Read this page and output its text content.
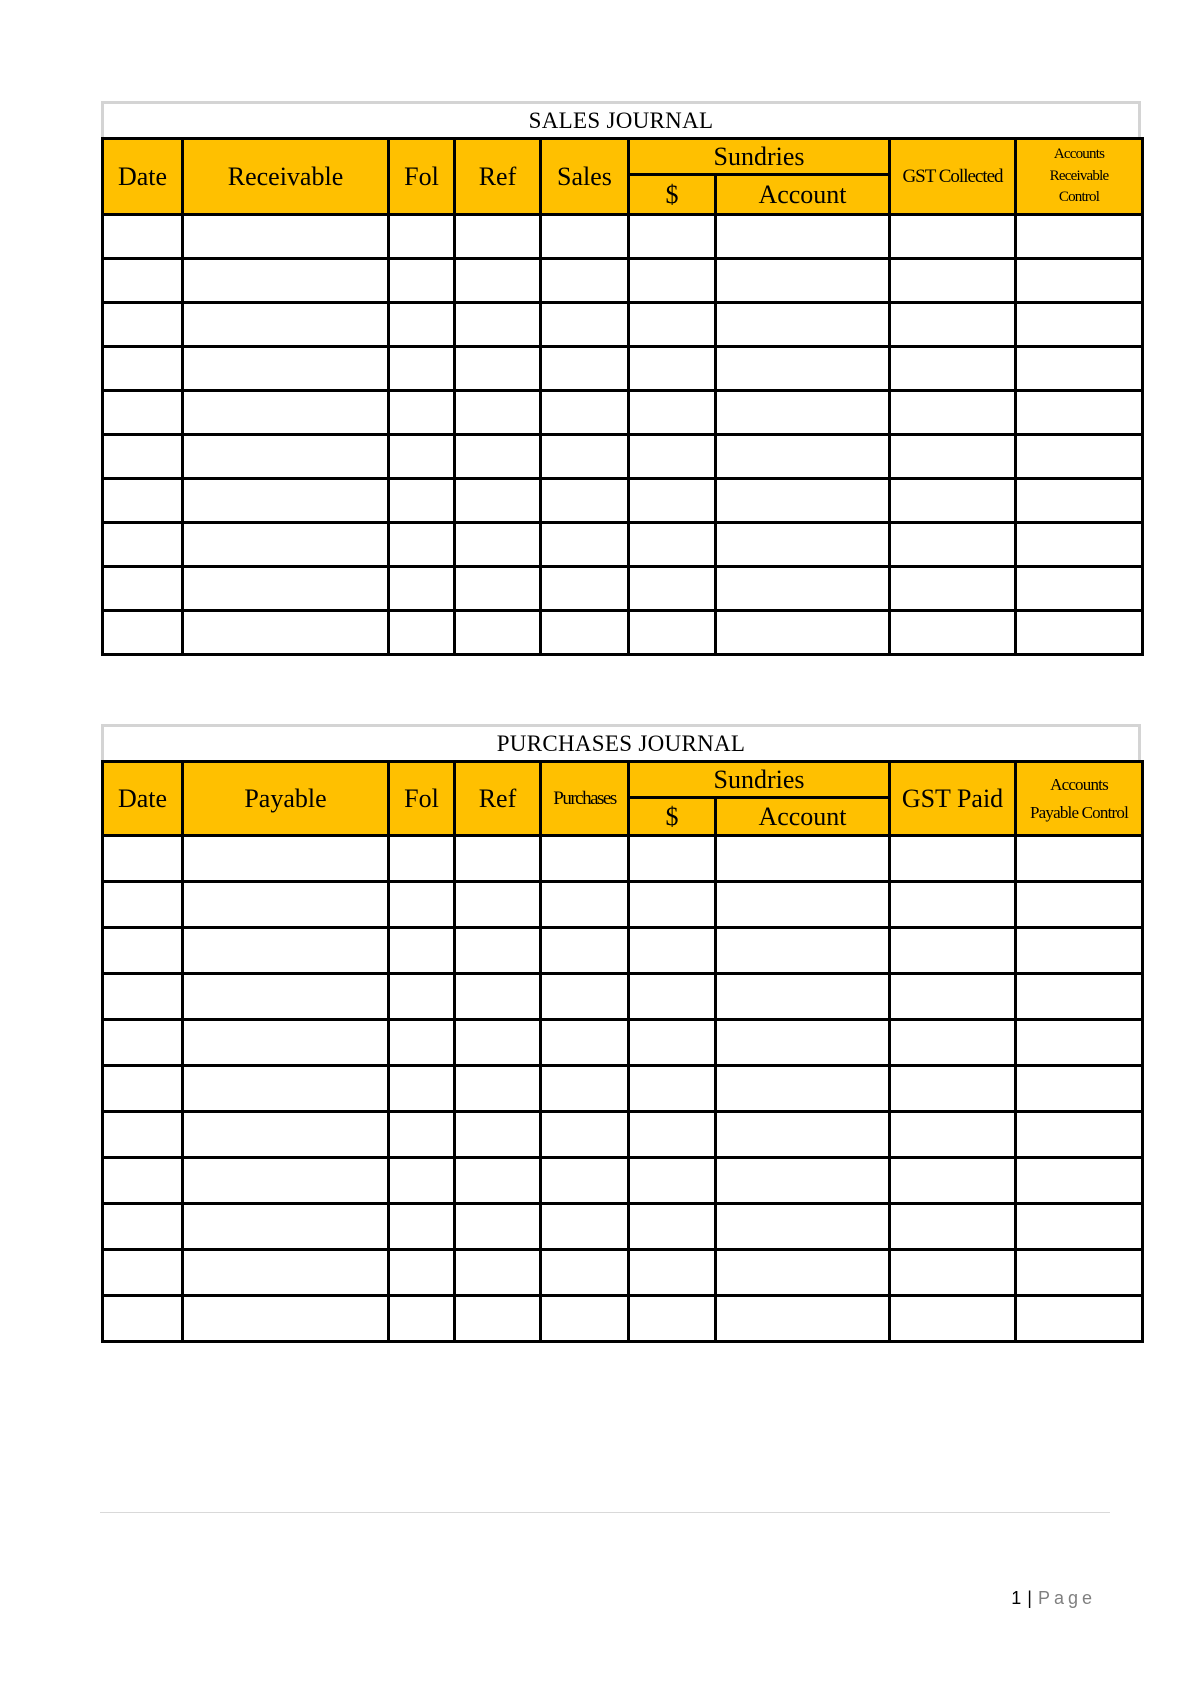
SALES JOURNAL
Date	Receivable	Fol	Ref	Sales	Sundries		GST Collected	Accounts
Receivable
Control

					$	Account		

PURCHASES JOURNAL
Date	Payable	Fol	Ref	Purchases	Sundries		GST Paid	Accounts
Payable Control

					$	Account		

1 | Page
